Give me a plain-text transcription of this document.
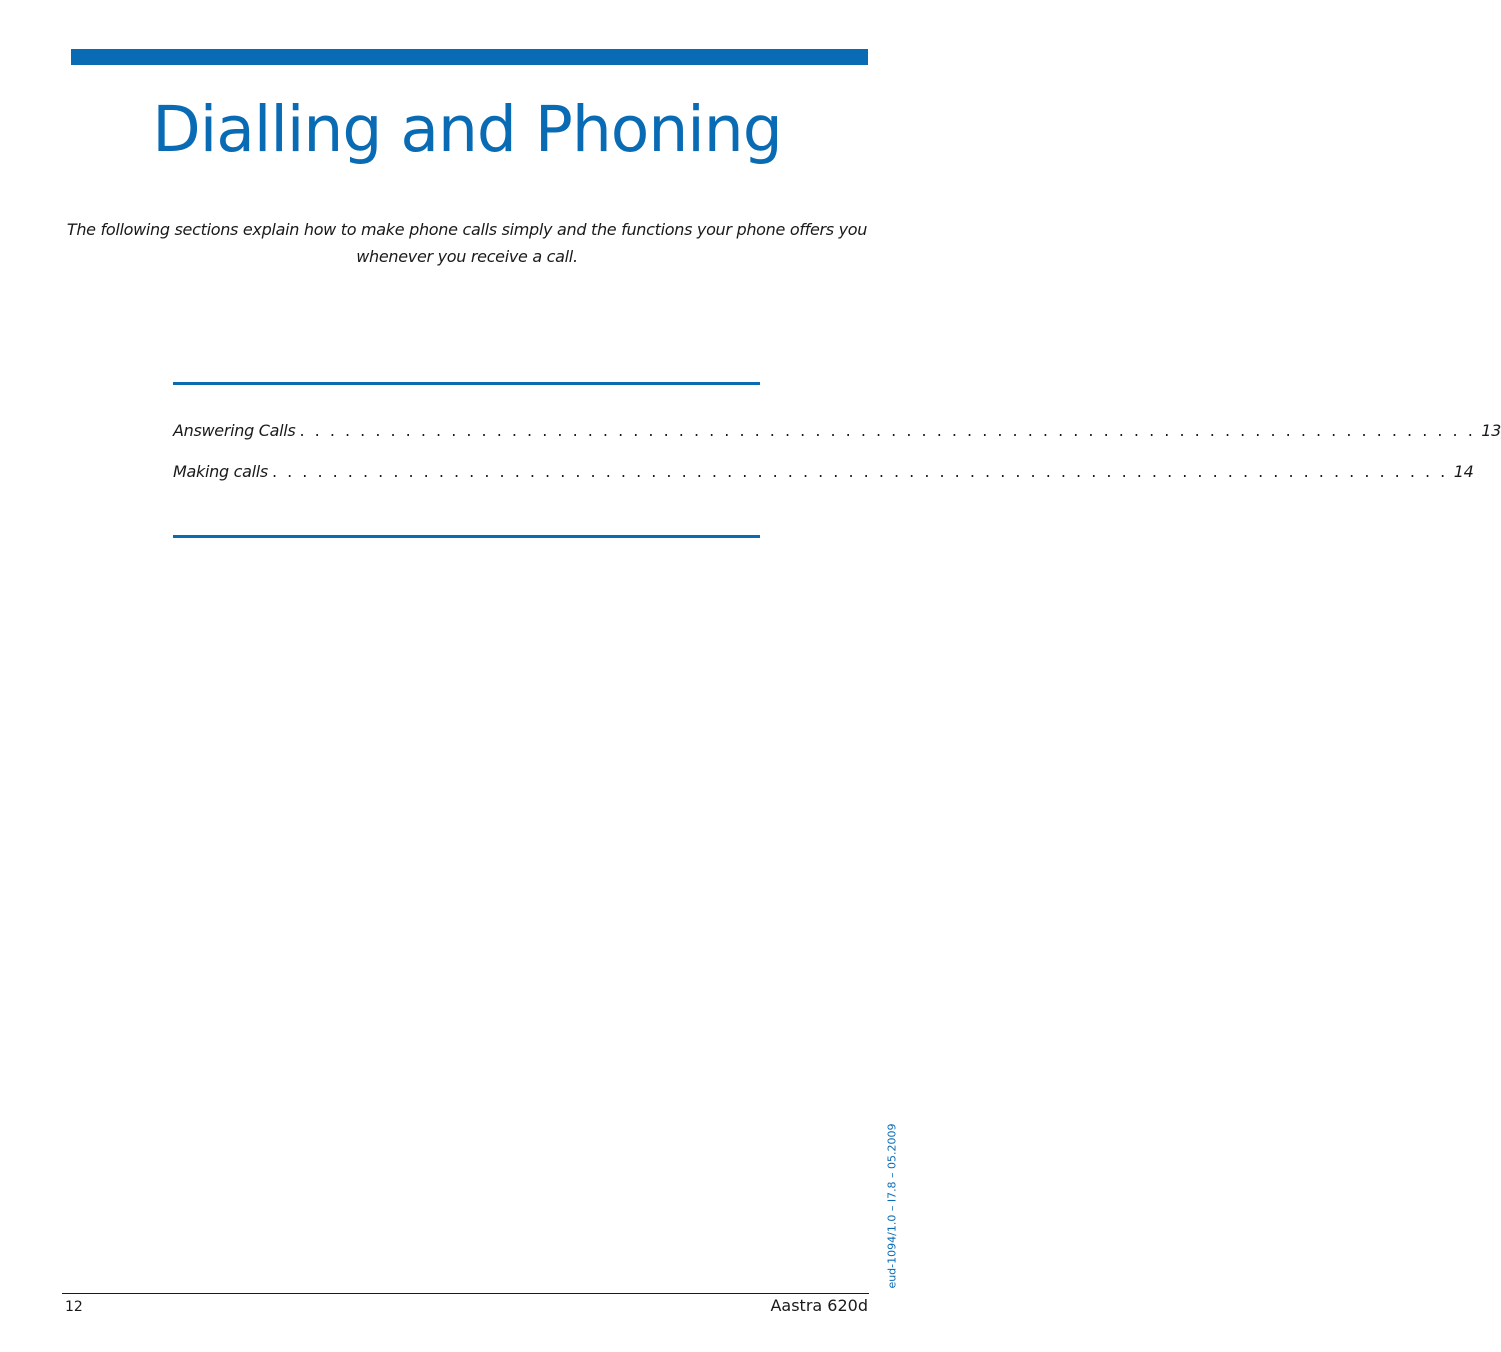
Dialling and Phoning
The following sections explain how to make phone calls simply and the functions your phone offers you whenever you receive a call.
Answering Calls . . . . . . . . . . . . . . . . . . . . . . . . . . . . . . . . . . . . . . . . . . . . . . . . . . . . . . . . . . . . . . . . . . . . . . . . . . . . . . 13
Making calls . . . . . . . . . . . . . . . . . . . . . . . . . . . . . . . . . . . . . . . . . . . . . . . . . . . . . . . . . . . . . . . . . . . . . . . . . . . . . . 14
eud-1094/1.0 – I7.8 – 05.2009
12	Aastra 620d
